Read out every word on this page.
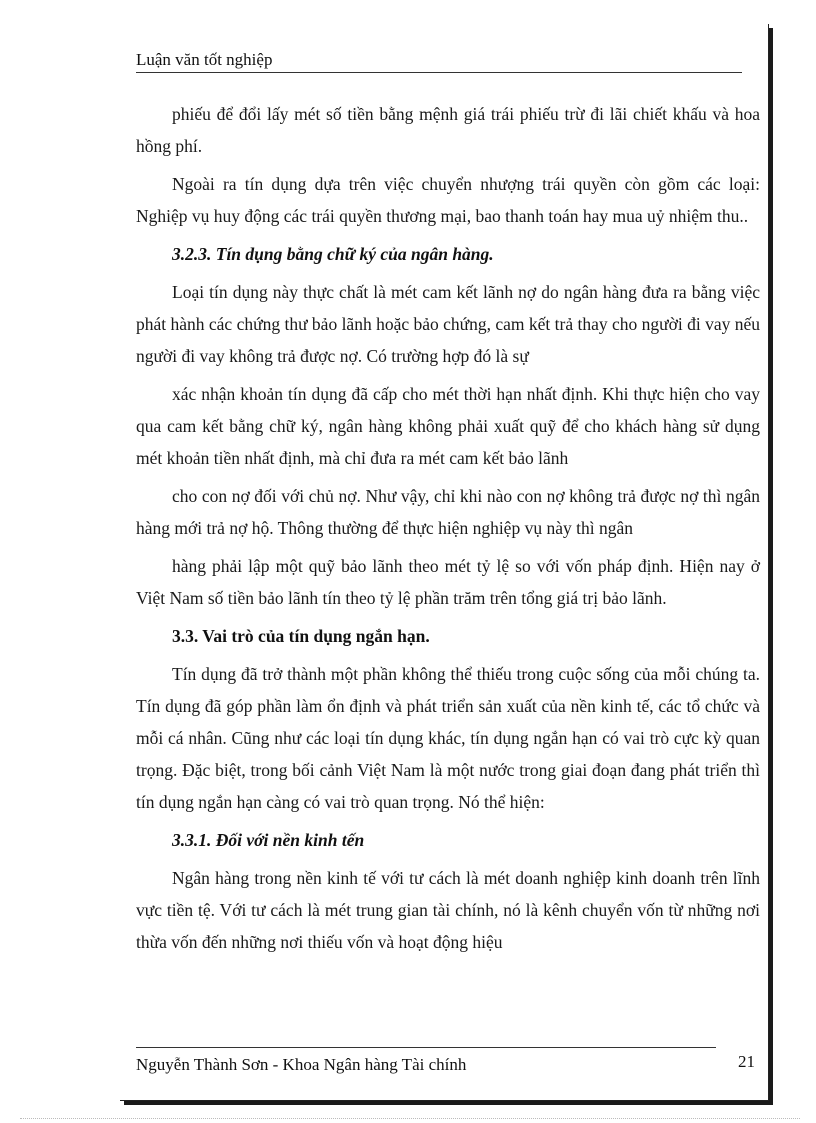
Luận văn tốt nghiệp

phiếu để đổi lấy mét số tiền bằng mệnh giá trái phiếu trừ đi lãi chiết khấu và hoa hồng phí.

Ngoài ra tín dụng dựa trên việc chuyển nhượng trái quyền còn gồm các loại: Nghiệp vụ huy động các trái quyền thương mại, bao thanh toán hay mua uỷ nhiệm thu..

3.2.3. Tín dụng bằng chữ ký của ngân hàng.

Loại tín dụng này thực chất là mét cam kết lãnh nợ do ngân hàng đưa ra bằng việc phát hành các chứng thư bảo lãnh hoặc bảo chứng, cam kết trả thay cho người đi vay nếu người đi vay không trả được nợ. Có trường hợp đó là sự

xác nhận khoản tín dụng đã cấp cho mét thời hạn nhất định. Khi thực hiện cho vay qua cam kết bằng chữ ký, ngân hàng không phải xuất quỹ để cho khách hàng sử dụng mét khoản tiền nhất định, mà chỉ đưa ra mét cam kết bảo lãnh

cho con nợ đối với chủ nợ. Như vậy, chỉ khi nào con nợ không trả được nợ thì ngân hàng mới trả nợ hộ. Thông thường để thực hiện nghiệp vụ này thì ngân

hàng phải lập một quỹ bảo lãnh theo mét tỷ lệ so với vốn pháp định. Hiện nay ở Việt Nam số tiền bảo lãnh tín theo tỷ lệ phần trăm trên tổng giá trị bảo lãnh.

3.3. Vai trò của tín dụng ngắn hạn.

Tín dụng đã trở thành một phần không thể thiếu trong cuộc sống của mỗi chúng ta. Tín dụng đã góp phần làm ổn định và phát triển sản xuất của nền kinh tế, các tổ chức và mỗi cá nhân. Cũng như các loại tín dụng khác, tín dụng ngắn hạn có vai trò cực kỳ quan trọng. Đặc biệt, trong bối cảnh Việt Nam là một nước trong giai đoạn đang phát triển thì tín dụng ngắn hạn càng có vai trò quan trọng. Nó thể hiện:

3.3.1. Đối với nền kinh tến

Ngân hàng trong nền kinh tế với tư cách là mét doanh nghiệp kinh doanh trên lĩnh vực tiền tệ. Với tư cách là mét trung gian tài chính, nó là kênh chuyển vốn từ những nơi thừa vốn đến những nơi thiếu vốn và hoạt động hiệu

Nguyễn Thành Sơn - Khoa Ngân hàng Tài chính	21
